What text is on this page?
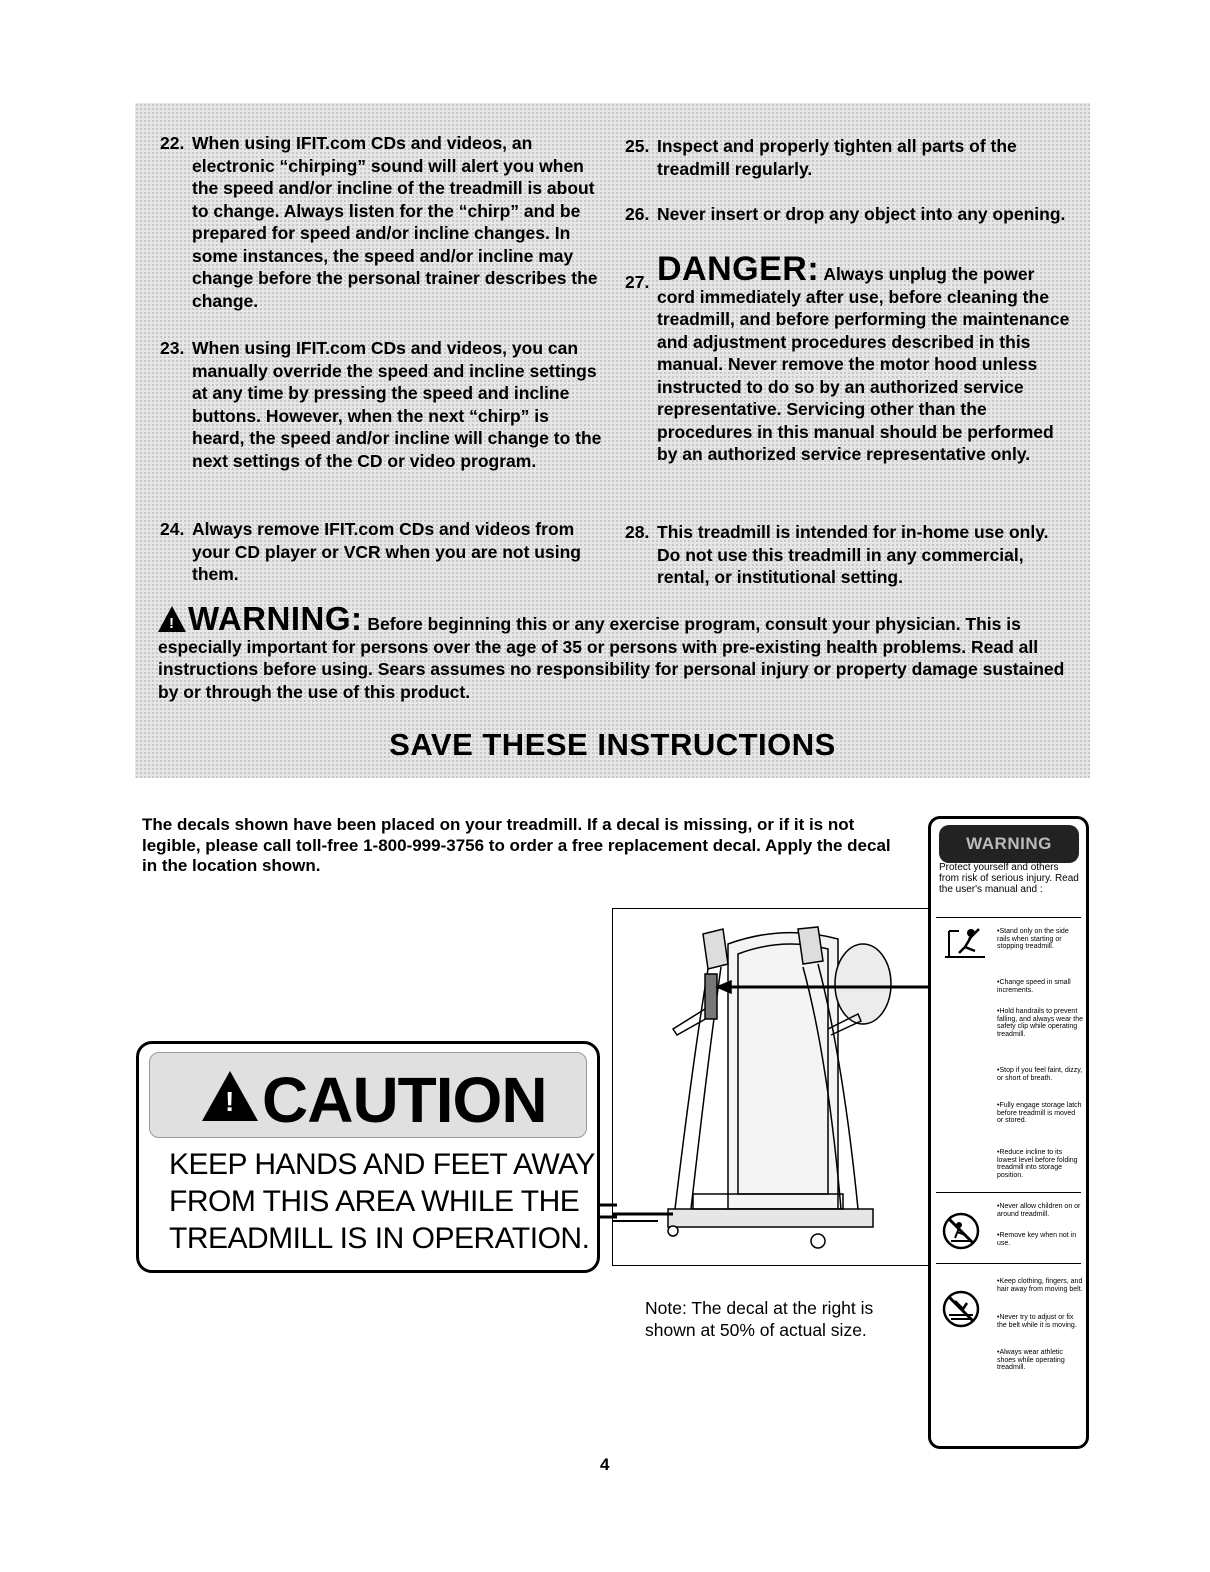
22. When using IFIT.com CDs and videos, an electronic “chirping” sound will alert you when the speed and/or incline of the treadmill is about to change. Always listen for the “chirp” and be prepared for speed and/or incline changes. In some instances, the speed and/or incline may change before the personal trainer describes the change.
23. When using IFIT.com CDs and videos, you can manually override the speed and incline settings at any time by pressing the speed and incline buttons. However, when the next “chirp” is heard, the speed and/or incline will change to the next settings of the CD or video program.
24. Always remove IFIT.com CDs and videos from your CD player or VCR when you are not using them.
25. Inspect and properly tighten all parts of the treadmill regularly.
26. Never insert or drop any object into any opening.
27. DANGER: Always unplug the power cord immediately after use, before cleaning the treadmill, and before performing the maintenance and adjustment procedures described in this manual. Never remove the motor hood unless instructed to do so by an authorized service representative. Servicing other than the procedures in this manual should be performed by an authorized service representative only.
28. This treadmill is intended for in-home use only. Do not use this treadmill in any commercial, rental, or institutional setting.
!WARNING: Before beginning this or any exercise program, consult your physician. This is especially important for persons over the age of 35 or persons with pre-existing health problems. Read all instructions before using. Sears assumes no responsibility for personal injury or property damage sustained by or through the use of this product.
SAVE THESE INSTRUCTIONS
The decals shown have been placed on your treadmill. If a decal is missing, or if it is not legible, please call toll-free 1-800-999-3756 to order a free replacement decal. Apply the decal in the location shown.
!
CAUTION
KEEP HANDS AND FEET AWAY FROM THIS AREA WHILE THE TREADMILL IS IN OPERATION.
Note: The decal at the right is shown at 50% of actual size.
WARNING
Protect yourself and others from risk of serious injury. Read the user's manual and :
•Stand only on the side rails when starting or stopping treadmill.
•Change speed in small increments.
•Hold handrails to prevent falling, and always wear the safety clip while operating treadmill.
•Stop if you feel faint, dizzy, or short of breath.
•Fully engage storage latch before treadmill is moved or stored.
•Reduce incline to its lowest level before folding treadmill into storage position.
•Never allow children on or around treadmill.
•Remove key when not in use.
•Keep clothing, fingers, and hair away from moving belt.
•Never try to adjust or fix the belt while it is moving.
•Always wear athletic shoes while operating treadmill.
4
